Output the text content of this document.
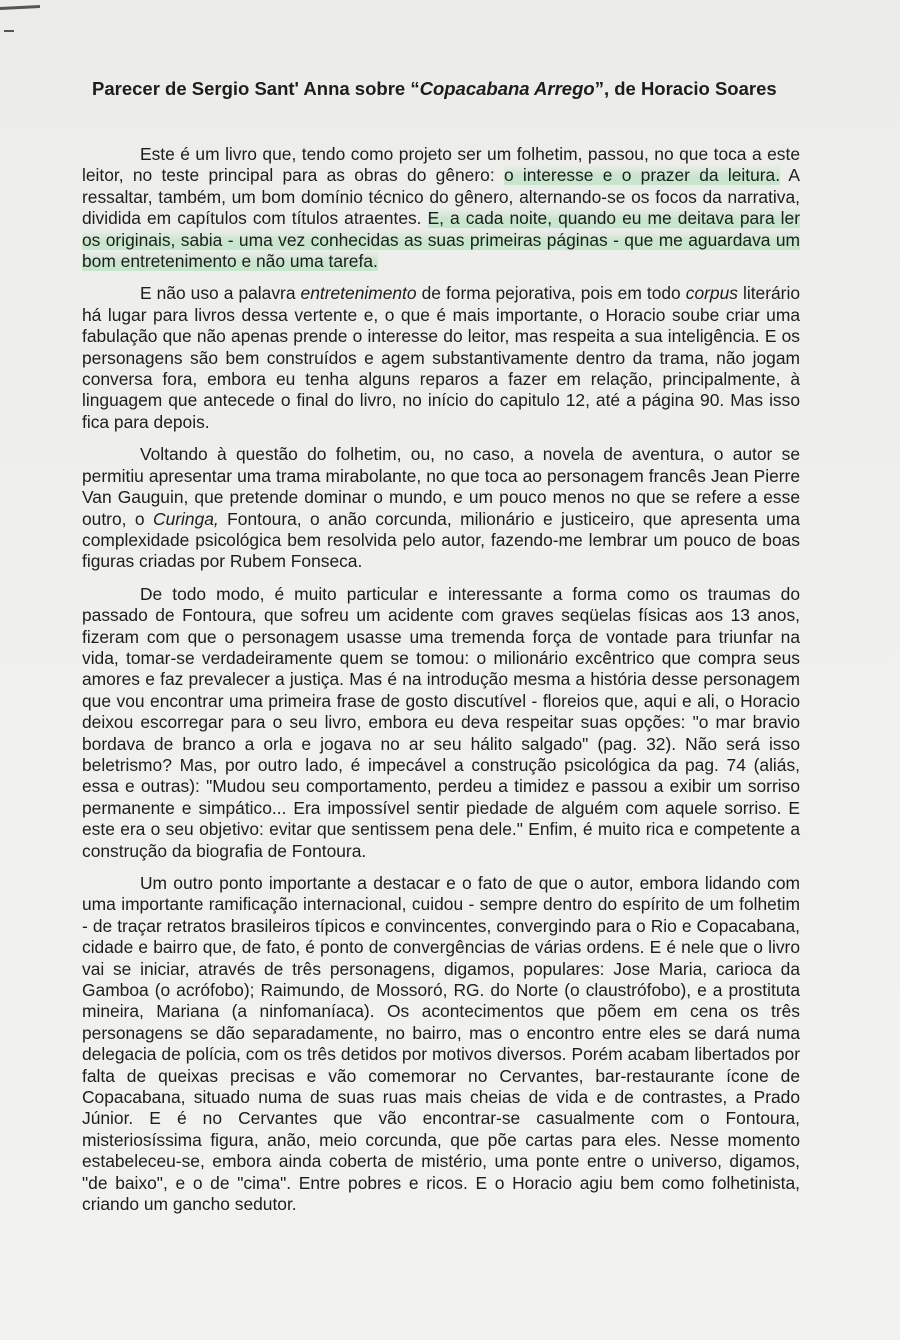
Parecer de Sergio Sant' Anna sobre “Copacabana Arrego”, de Horacio Soares

Este é um livro que, tendo como projeto ser um folhetim, passou, no que toca a este leitor, no teste principal para as obras do gênero: o interesse e o prazer da leitura. A ressaltar, também, um bom domínio técnico do gênero, alternando-se os focos da narrativa, dividida em capítulos com títulos atraentes. E, a cada noite, quando eu me deitava para ler os originais, sabia - uma vez conhecidas as suas primeiras páginas - que me aguardava um bom entretenimento e não uma tarefa.

E não uso a palavra entretenimento de forma pejorativa, pois em todo corpus literário há lugar para livros dessa vertente e, o que é mais importante, o Horacio soube criar uma fabulação que não apenas prende o interesse do leitor, mas respeita a sua inteligência. E os personagens são bem construídos e agem substantivamente dentro da trama, não jogam conversa fora, embora eu tenha alguns reparos a fazer em relação, principalmente, à linguagem que antecede o final do livro, no início do capitulo 12, até a página 90. Mas isso fica para depois.

Voltando à questão do folhetim, ou, no caso, a novela de aventura, o autor se permitiu apresentar uma trama mirabolante, no que toca ao personagem francês Jean Pierre Van Gauguin, que pretende dominar o mundo, e um pouco menos no que se refere a esse outro, o Curinga, Fontoura, o anão corcunda, milionário e justiceiro, que apresenta uma complexidade psicológica bem resolvida pelo autor, fazendo-me lembrar um pouco de boas figuras criadas por Rubem Fonseca.

De todo modo, é muito particular e interessante a forma como os traumas do passado de Fontoura, que sofreu um acidente com graves seqüelas físicas aos 13 anos, fizeram com que o personagem usasse uma tremenda força de vontade para triunfar na vida, tomar-se verdadeiramente quem se tomou: o milionário excêntrico que compra seus amores e faz prevalecer a justiça. Mas é na introdução mesma a história desse personagem que vou encontrar uma primeira frase de gosto discutível - floreios que, aqui e ali, o Horacio deixou escorregar para o seu livro, embora eu deva respeitar suas opções: "o mar bravio bordava de branco a orla e jogava no ar seu hálito salgado" (pag. 32). Não será isso beletrismo? Mas, por outro lado, é impecável a construção psicológica da pag. 74 (aliás, essa e outras): "Mudou seu comportamento, perdeu a timidez e passou a exibir um sorriso permanente e simpático... Era impossível sentir piedade de alguém com aquele sorriso. E este era o seu objetivo: evitar que sentissem pena dele." Enfim, é muito rica e competente a construção da biografia de Fontoura.

Um outro ponto importante a destacar e o fato de que o autor, embora lidando com uma importante ramificação internacional, cuidou - sempre dentro do espírito de um folhetim - de traçar retratos brasileiros típicos e convincentes, convergindo para o Rio e Copacabana, cidade e bairro que, de fato, é ponto de convergências de várias ordens. E é nele que o livro vai se iniciar, através de três personagens, digamos, populares: Jose Maria, carioca da Gamboa (o acrófobo); Raimundo, de Mossoró, RG. do Norte (o claustrófobo), e a prostituta mineira, Mariana (a ninfomaníaca). Os acontecimentos que põem em cena os três personagens se dão separadamente, no bairro, mas o encontro entre eles se dará numa delegacia de polícia, com os três detidos por motivos diversos. Porém acabam libertados por falta de queixas precisas e vão comemorar no Cervantes, bar-restaurante ícone de Copacabana, situado numa de suas ruas mais cheias de vida e de contrastes, a Prado Júnior. E é no Cervantes que vão encontrar-se casualmente com o Fontoura, misteriosíssima figura, anão, meio corcunda, que põe cartas para eles. Nesse momento estabeleceu-se, embora ainda coberta de mistério, uma ponte entre o universo, digamos, "de baixo", e o de "cima". Entre pobres e ricos. E o Horacio agiu bem como folhetinista, criando um gancho sedutor.
